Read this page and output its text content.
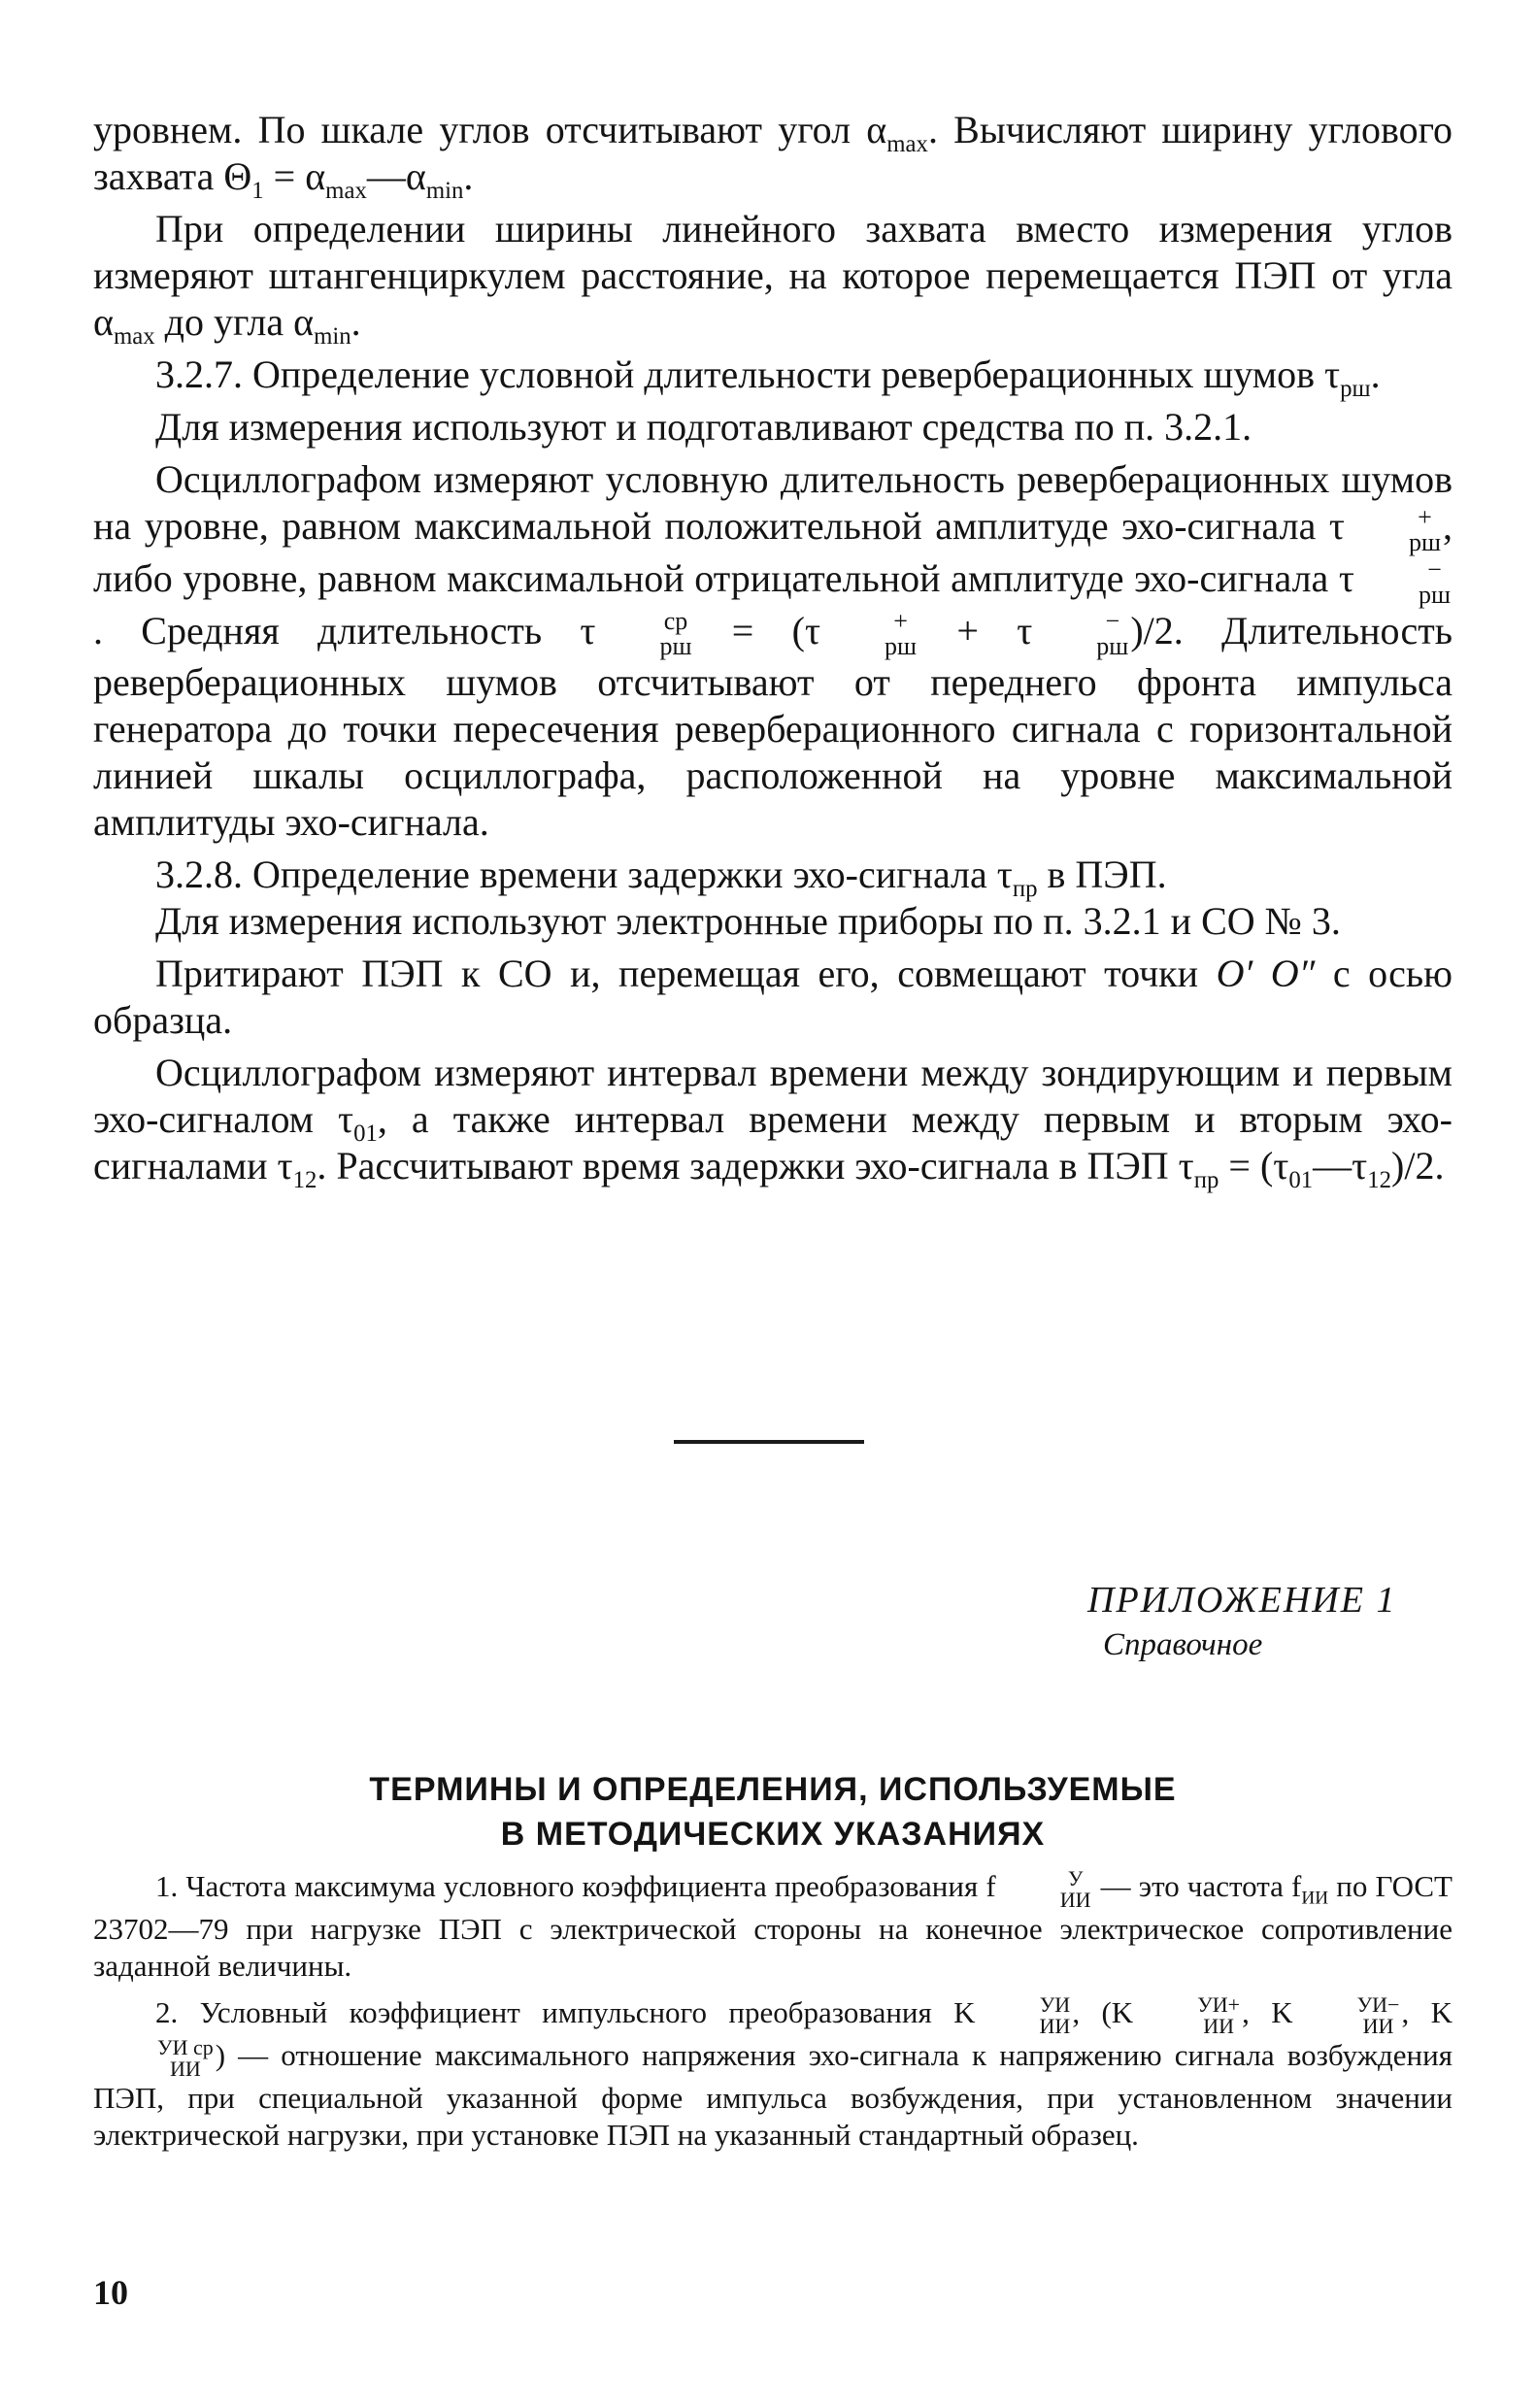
уровнем. По шкале углов отсчитывают угол $\alpha_{max}$. Вычисляют ширину углового захвата $\Theta_1$ = $\alpha_{max}—\alpha_{min}$.

При определении ширины линейного захвата вместо измерения углов измеряют штангенциркулем расстояние, на которое перемещается ПЭП от угла $\alpha_{max}$ до угла $\alpha_{min}$.

3.2.7. Определение условной длительности реверберационных шумов $\tau_{рш}$.

Для измерения используют и подготавливают средства по п. 3.2.1.

Осциллографом измеряют условную длительность реверберационных шумов на уровне, равном максимальной положительной амплитуде эхо-сигнала τ	+
рш , либо уровне, равном максимальной отрицательной амплитуде эхо-сигнала τ	−
рш
. Средняя длительность τ	ср
рш = (τ	+
рш + τ	−
рш )/2. Длительность реверберационных шумов отсчитывают от переднего фронта импульса генератора до точки пересечения реверберационного сигнала с горизонтальной линией шкалы осциллографа, расположенной на уровне максимальной амплитуды эхо-сигнала.

3.2.8. Определение времени задержки эхо-сигнала $\tau_{пр}$ в ПЭП.

Для измерения используют электронные приборы по п. 3.2.1 и СО № 3.

Притирают ПЭП к СО и, перемещая его, совмещают точки O′ O″ с осью образца.

Осциллографом измеряют интервал времени между зондирующим и первым эхо-сигналом $\tau_{01}$, а также интервал времени между первым и вторым эхо-сигналами $\tau_{12}$. Рассчитывают время задержки эхо-сигнала в ПЭП $\tau_{пр}$ = $(\tau_{01}—\tau_{12})/2$.

ПРИЛОЖЕНИЕ 1
Справочное
ТЕРМИНЫ И ОПРЕДЕЛЕНИЯ, ИСПОЛЬЗУЕМЫЕ
В МЕТОДИЧЕСКИХ УКАЗАНИЯХ

1. Частота максимума условного коэффициента преобразования f	У
ИИ — это частота $f_{ИИ}$ по ГОСТ 23702—79 при нагрузке ПЭП с электрической стороны на конечное электрическое сопротивление заданной величины.

2. Условный коэффициент импульсного преобразования K	УИ
ИИ , (K	УИ+
ИИ , K	УИ−
ИИ , K
УИ ср
ИИ ) — отношение максимального напряжения эхо-сигнала к напряжению сигнала возбуждения ПЭП, при специальной указанной форме импульса возбуждения, при установленном значении электрической нагрузки, при установке ПЭП на указанный стандартный образец.

10
